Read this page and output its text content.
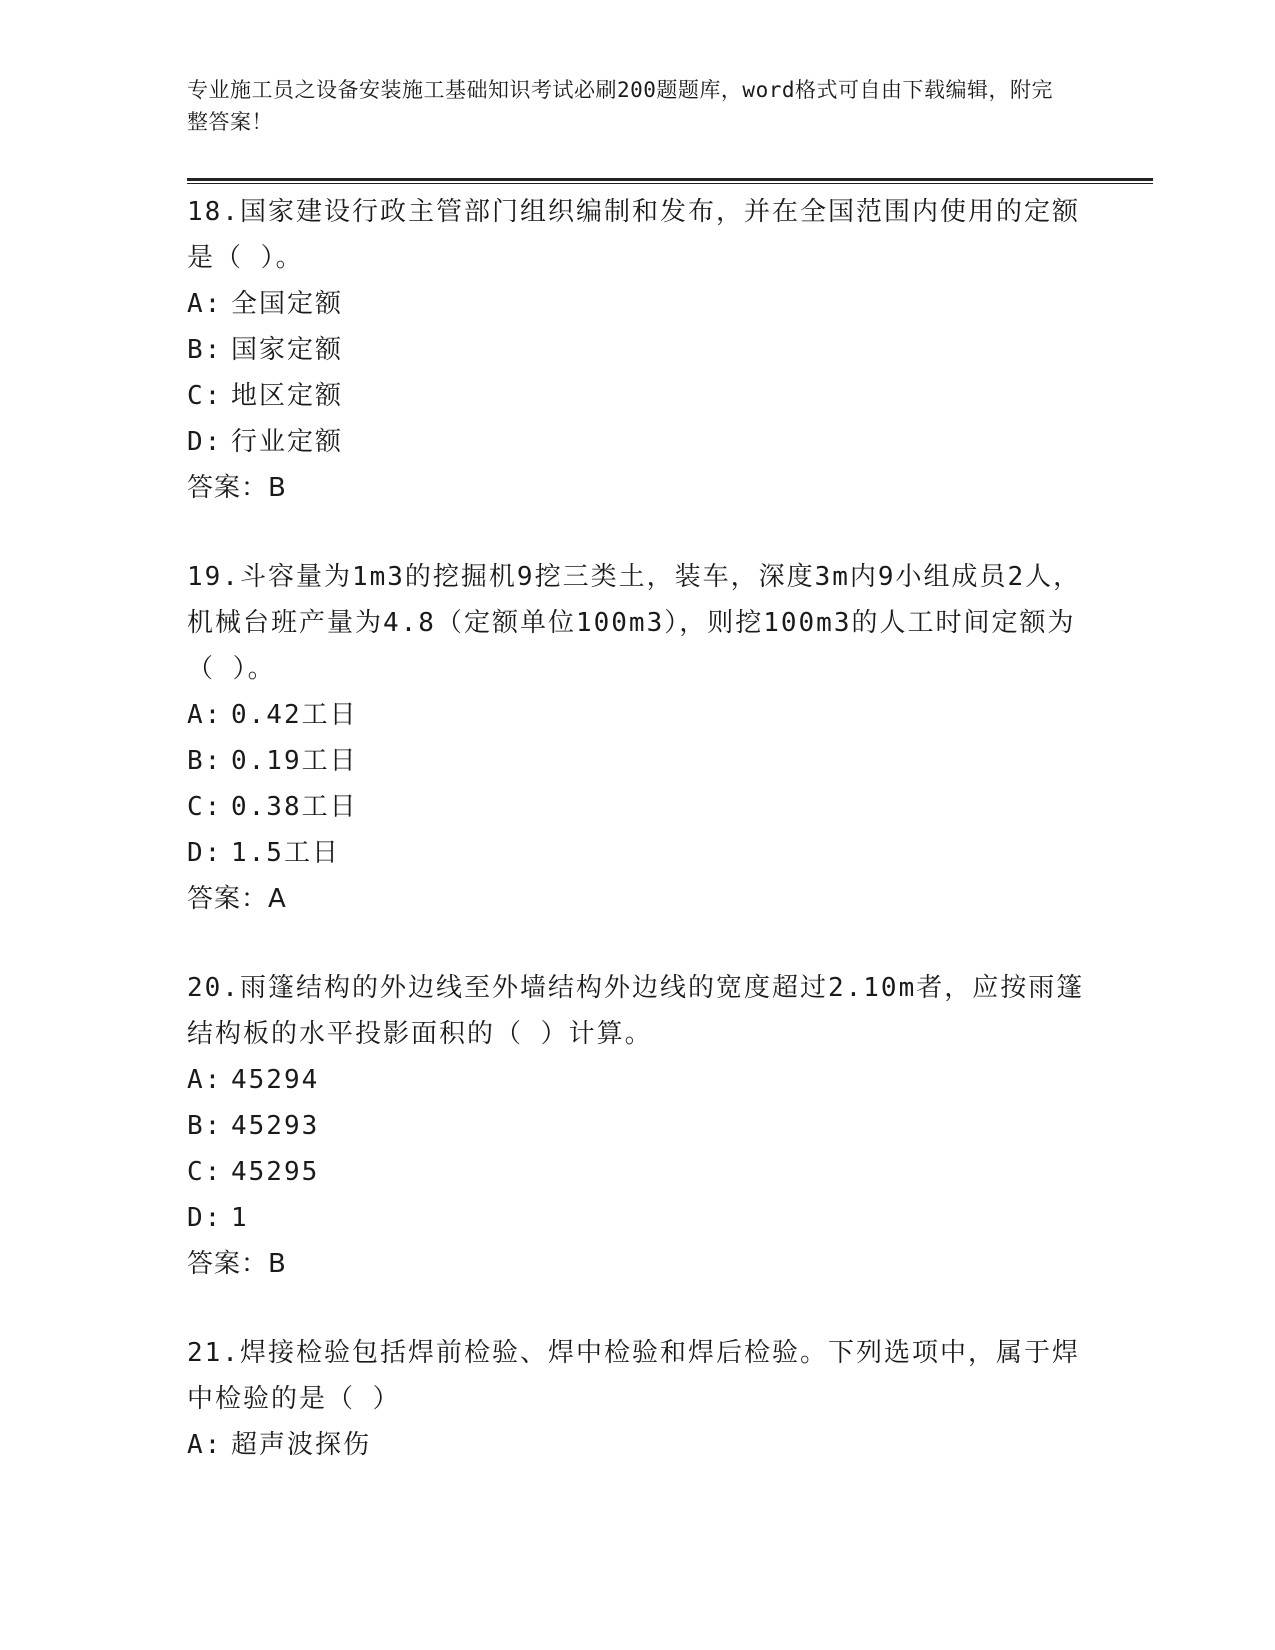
专业施工员之设备安装施工基础知识考试必刷200题题库，word格式可自由下载编辑，附完整答案！

18.国家建设行政主管部门组织编制和发布，并在全国范围内使用的定额是（ ）。

A: 全国定额
B: 国家定额
C: 地区定额
D: 行业定额

答案：B

19.斗容量为1m3的挖掘机9挖三类土，装车，深度3m内9小组成员2人，机械台班产量为4.8（定额单位100m3），则挖100m3的人工时间定额为（ ）。

A: 0.42工日
B: 0.19工日
C: 0.38工日
D: 1.5工日

答案：A

20.雨篷结构的外边线至外墙结构外边线的宽度超过2.10m者，应按雨篷结构板的水平投影面积的（ ）计算。

A: 45294
B: 45293
C: 45295
D: 1

答案：B

21.焊接检验包括焊前检验、焊中检验和焊后检验。下列选项中，属于焊中检验的是（ ）

A: 超声波探伤
